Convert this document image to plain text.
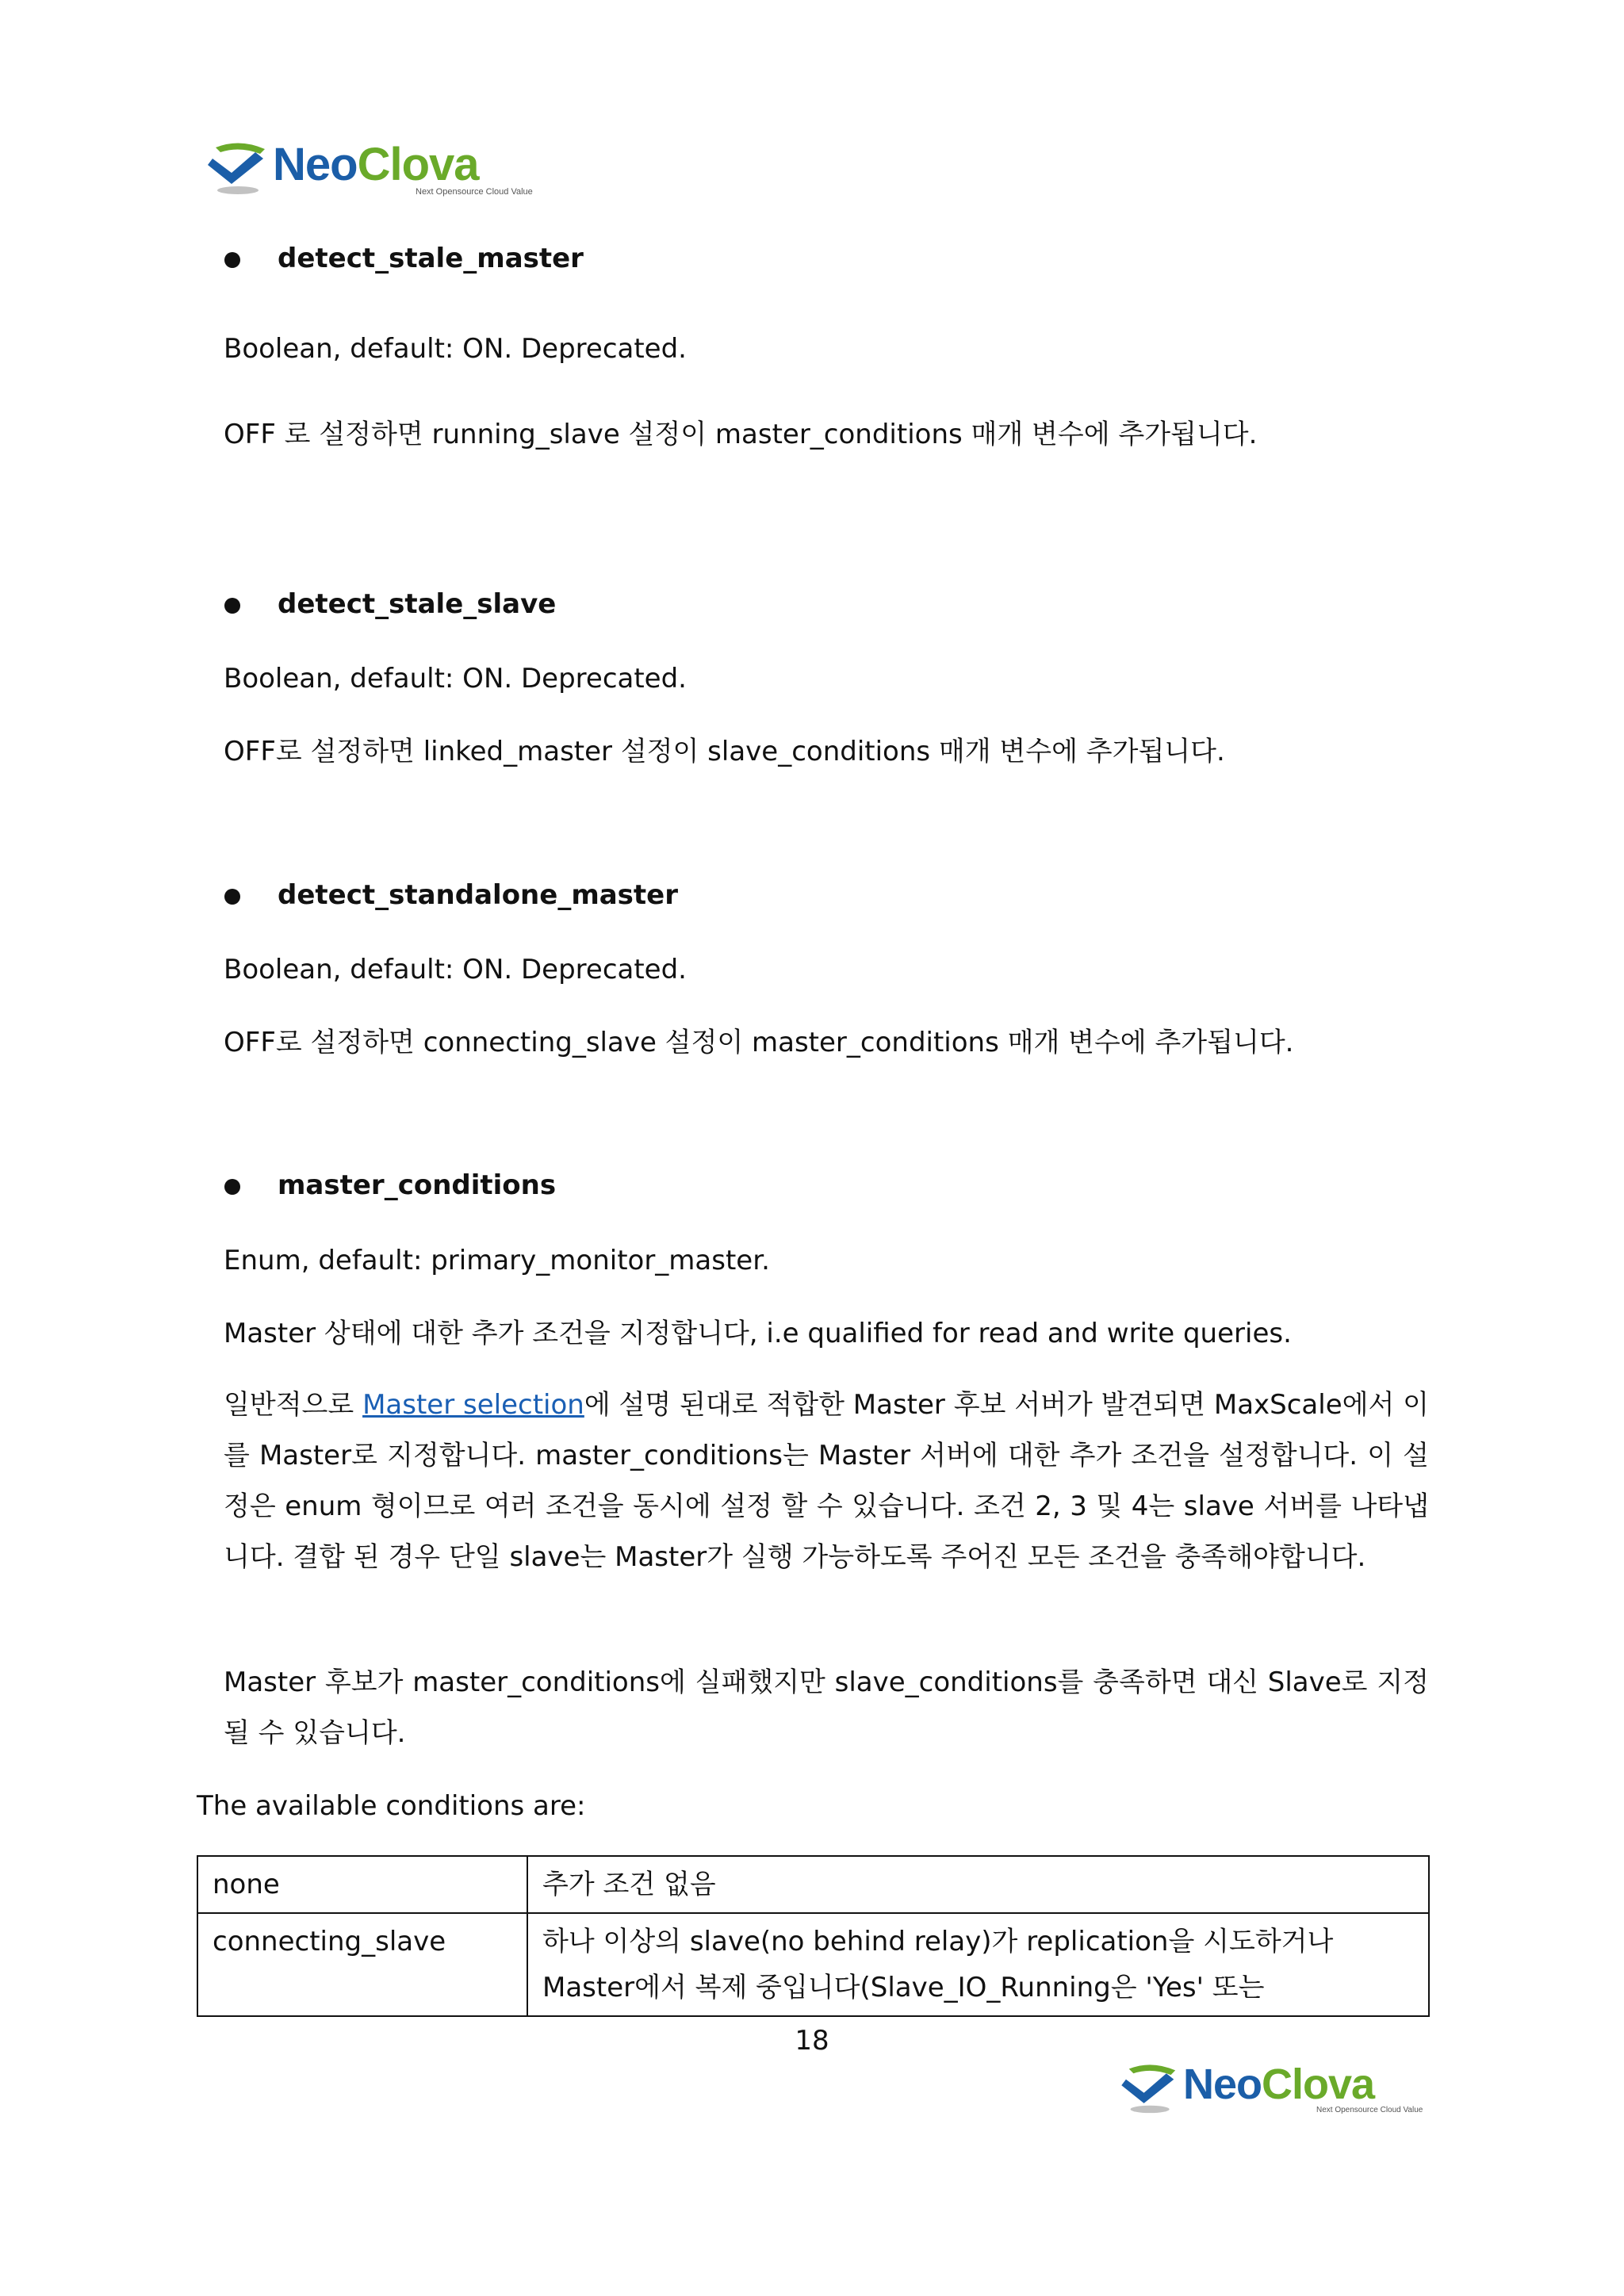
NeoClova
Next Opensource Cloud Value
detect_stale_master
Boolean, default: ON. Deprecated.
OFF 로 설정하면 running_slave 설정이 master_conditions 매개 변수에 추가됩니다.
detect_stale_slave
Boolean, default: ON. Deprecated.
OFF로 설정하면 linked_master 설정이 slave_conditions 매개 변수에 추가됩니다.
detect_standalone_master
Boolean, default: ON. Deprecated.
OFF로 설정하면 connecting_slave 설정이 master_conditions 매개 변수에 추가됩니다.
master_conditions
Enum, default: primary_monitor_master.
Master 상태에 대한 추가 조건을 지정합니다, i.e qualified for read and write queries.
일반적으로 Master selection에 설명 된대로 적합한 Master 후보 서버가 발견되면 MaxScale에서 이를 Master로 지정합니다. master_conditions는 Master 서버에 대한 추가 조건을 설정합니다. 이 설정은 enum 형이므로 여러 조건을 동시에 설정 할 수 있습니다. 조건 2, 3 및 4는 slave 서버를 나타냅니다. 결합 된 경우 단일 slave는 Master가 실행 가능하도록 주어진 모든 조건을 충족해야합니다.
Master 후보가 master_conditions에 실패했지만 slave_conditions를 충족하면 대신 Slave로 지정될 수 있습니다.
The available conditions are:
none	추가 조건 없음
connecting_slave	하나 이상의 slave(no behind relay)가 replication을 시도하거나
Master에서 복제 중입니다(Slave_IO_Running은 'Yes' 또는
18
NeoClova
Next Opensource Cloud Value
